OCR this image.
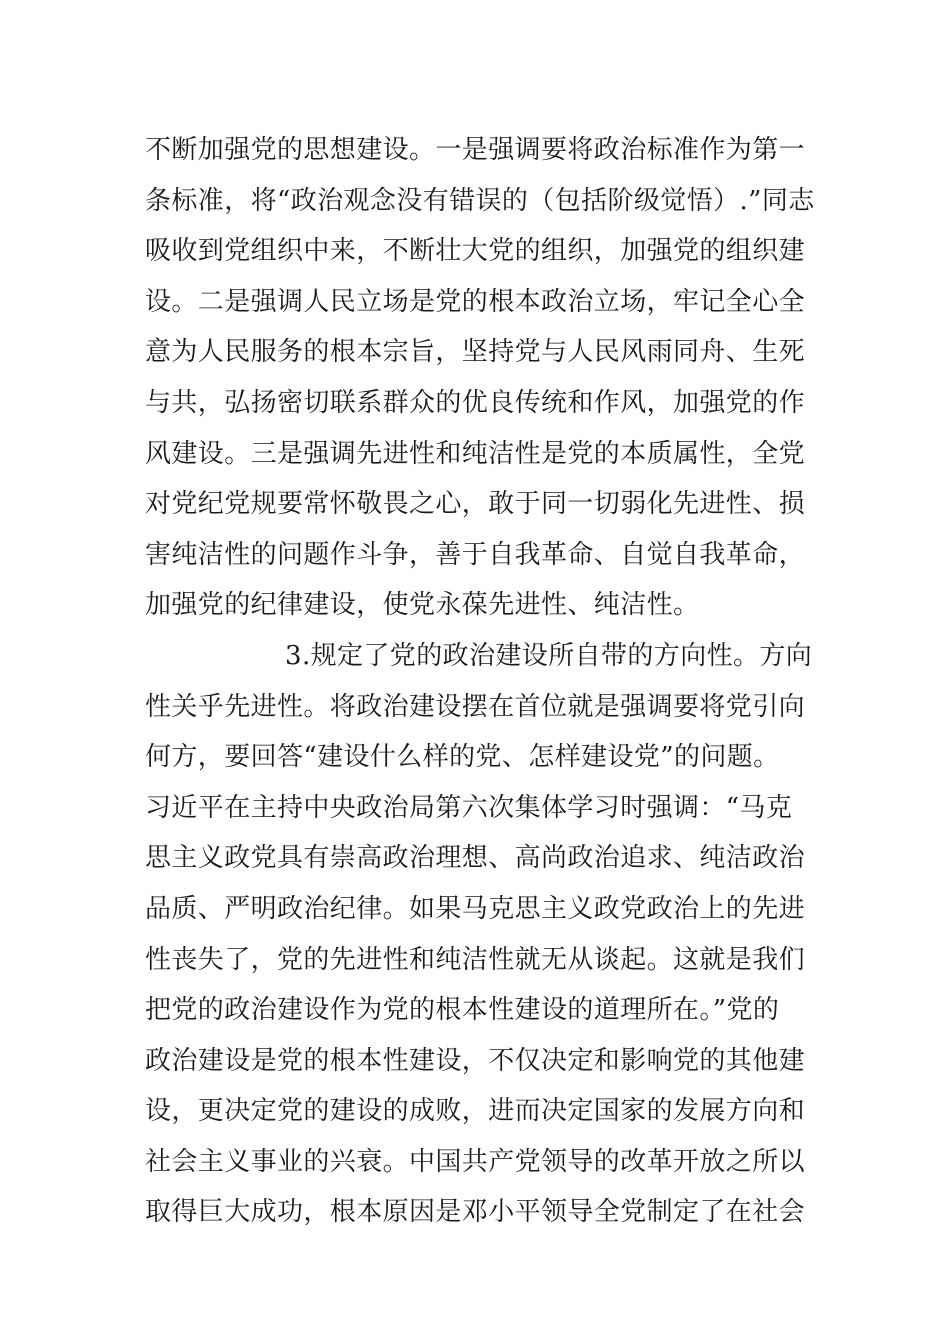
不断加强党的思想建设。一是强调要将政治标准作为第一
条标准，将“政治观念没有错误的（包括阶级觉悟）.”同志
吸收到党组织中来，不断壮大党的组织，加强党的组织建
设。二是强调人民立场是党的根本政治立场，牢记全心全
意为人民服务的根本宗旨，坚持党与人民风雨同舟、生死
与共，弘扬密切联系群众的优良传统和作风，加强党的作
风建设。三是强调先进性和纯洁性是党的本质属性，全党
对党纪党规要常怀敬畏之心，敢于同一切弱化先进性、损
害纯洁性的问题作斗争，善于自我革命、自觉自我革命，
加强党的纪律建设，使党永葆先进性、纯洁性。
3.规定了党的政治建设所自带的方向性。方向
性关乎先进性。将政治建设摆在首位就是强调要将党引向
何方，要回答“建设什么样的党、怎样建设党”的问题。
习近平在主持中央政治局第六次集体学习时强调：“马克
思主义政党具有崇高政治理想、高尚政治追求、纯洁政治
品质、严明政治纪律。如果马克思主义政党政治上的先进
性丧失了，党的先进性和纯洁性就无从谈起。这就是我们
把党的政治建设作为党的根本性建设的道理所在。”党的
政治建设是党的根本性建设，不仅决定和影响党的其他建
设，更决定党的建设的成败，进而决定国家的发展方向和
社会主义事业的兴衰。中国共产党领导的改革开放之所以
取得巨大成功，根本原因是邓小平领导全党制定了在社会
